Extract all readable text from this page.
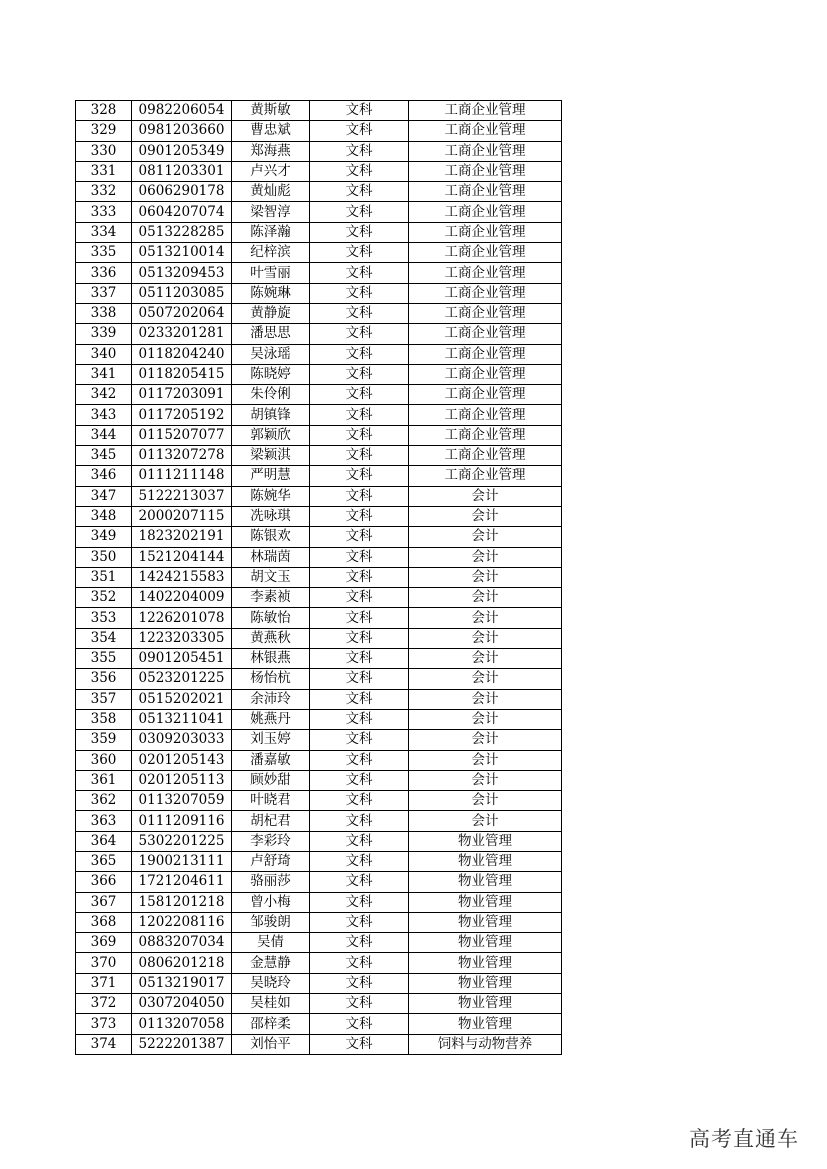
328	0982206054	黄斯敏	文科	工商企业管理
329	0981203660	曹忠斌	文科	工商企业管理
330	0901205349	郑海燕	文科	工商企业管理
331	0811203301	卢兴才	文科	工商企业管理
332	0606290178	黄灿彪	文科	工商企业管理
333	0604207074	梁智淳	文科	工商企业管理
334	0513228285	陈泽瀚	文科	工商企业管理
335	0513210014	纪梓滨	文科	工商企业管理
336	0513209453	叶雪丽	文科	工商企业管理
337	0511203085	陈婉琳	文科	工商企业管理
338	0507202064	黄静旋	文科	工商企业管理
339	0233201281	潘思思	文科	工商企业管理
340	0118204240	吴泳瑶	文科	工商企业管理
341	0118205415	陈晓婷	文科	工商企业管理
342	0117203091	朱伶俐	文科	工商企业管理
343	0117205192	胡镇锋	文科	工商企业管理
344	0115207077	郭颖欣	文科	工商企业管理
345	0113207278	梁颖淇	文科	工商企业管理
346	0111211148	严明慧	文科	工商企业管理
347	5122213037	陈婉华	文科	会计
348	2000207115	冼咏琪	文科	会计
349	1823202191	陈银欢	文科	会计
350	1521204144	林瑞茵	文科	会计
351	1424215583	胡文玉	文科	会计
352	1402204009	李素祯	文科	会计
353	1226201078	陈敏怡	文科	会计
354	1223203305	黄燕秋	文科	会计
355	0901205451	林银燕	文科	会计
356	0523201225	杨怡杭	文科	会计
357	0515202021	余沛玲	文科	会计
358	0513211041	姚燕丹	文科	会计
359	0309203033	刘玉婷	文科	会计
360	0201205143	潘嘉敏	文科	会计
361	0201205113	顾妙甜	文科	会计
362	0113207059	叶晓君	文科	会计
363	0111209116	胡杞君	文科	会计
364	5302201225	李彩玲	文科	物业管理
365	1900213111	卢舒琦	文科	物业管理
366	1721204611	骆丽莎	文科	物业管理
367	1581201218	曾小梅	文科	物业管理
368	1202208116	邹骏朗	文科	物业管理
369	0883207034	吴倩	文科	物业管理
370	0806201218	金慧静	文科	物业管理
371	0513219017	吴晓玲	文科	物业管理
372	0307204050	吴桂如	文科	物业管理
373	0113207058	邵梓柔	文科	物业管理
374	5222201387	刘怡平	文科	饲料与动物营养
高考直通车
